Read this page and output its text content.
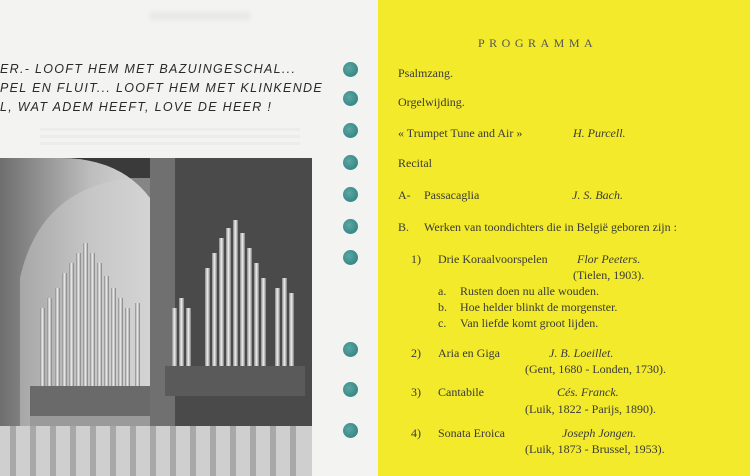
ER.- LOOFT HEM MET BAZUINGESCHAL...
PEL EN FLUIT... LOOFT HEM MET KLINKENDE
L, WAT ADEM HEEFT, LOVE DE HEER !
PROGRAMMA
Psalmzang.
Orgelwijding.
« Trumpet Tune and Air »	H. Purcell.
Recital
A- Passacaglia	J. S. Bach.
B. Werken van toondichters die in België geboren zijn :
1) Drie Koraalvoorspelen Flor Peeters.
(Tielen, 1903).
a. Rusten doen nu alle wouden.
b. Hoe helder blinkt de morgenster.
c. Van liefde komt groot lijden.
2) Aria en Giga	J. B. Loeillet.
(Gent, 1680 - Londen, 1730).
3) Cantabile	Cés. Franck.
(Luik, 1822 - Parijs, 1890).
4) Sonata Eroica	Joseph Jongen.
(Luik, 1873 - Brussel, 1953).
